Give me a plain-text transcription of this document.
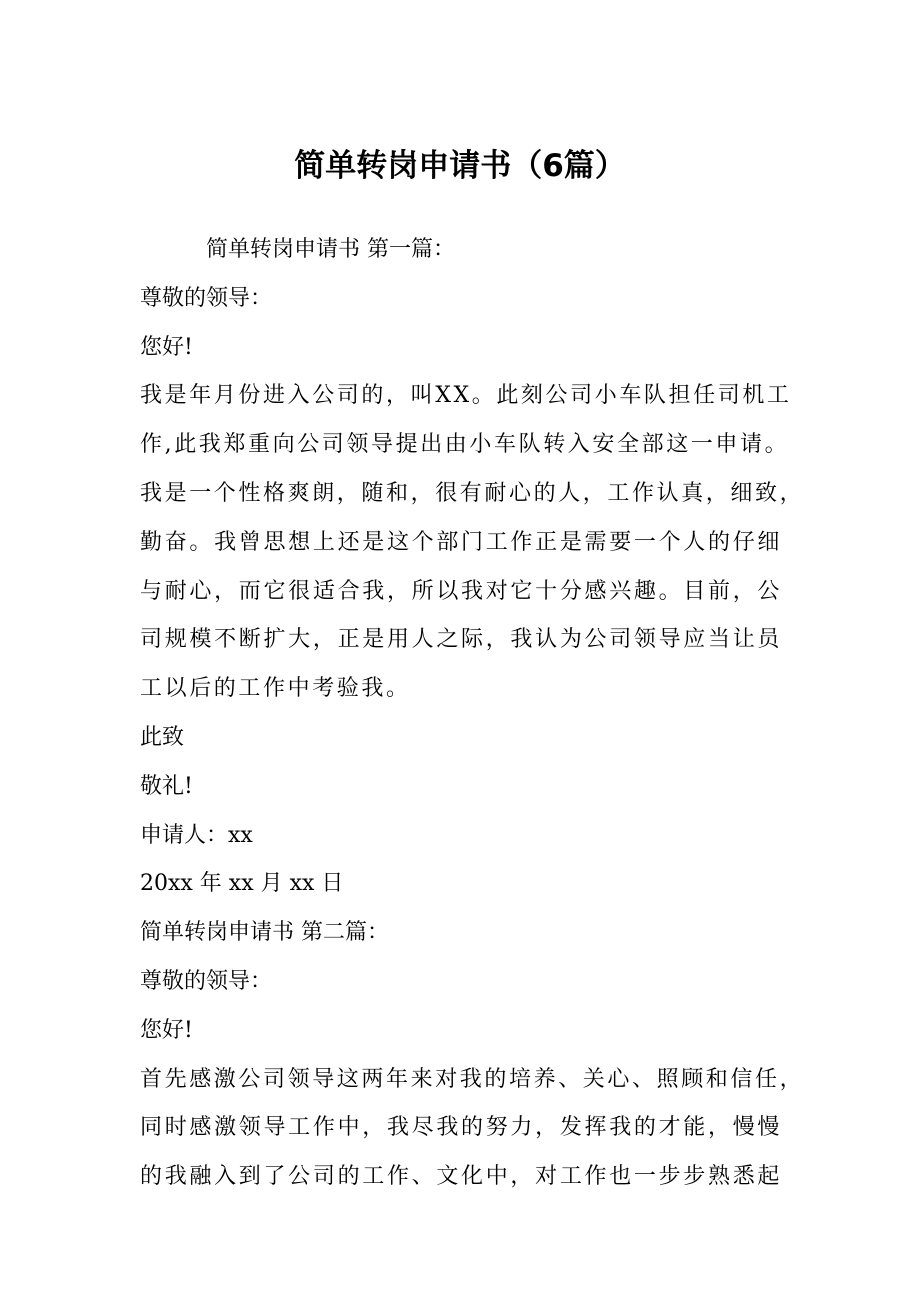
简单转岗申请书（6篇）
简单转岗申请书 第一篇：
尊敬的领导：
您好!
我是年月份进入公司的，叫XX。此刻公司小车队担任司机工
作,此我郑重向公司领导提出由小车队转入安全部这一申请。
我是一个性格爽朗，随和，很有耐心的人，工作认真，细致，
勤奋。我曾思想上还是这个部门工作正是需要一个人的仔细
与耐心，而它很适合我，所以我对它十分感兴趣。目前，公
司规模不断扩大，正是用人之际，我认为公司领导应当让员
工以后的工作中考验我。
此致
敬礼!
申请人：xx
20xx 年 xx 月 xx 日
简单转岗申请书 第二篇：
尊敬的领导：
您好!
首先感激公司领导这两年来对我的培养、关心、照顾和信任，
同时感激领导工作中，我尽我的努力，发挥我的才能，慢慢
的我融入到了公司的工作、文化中，对工作也一步步熟悉起
